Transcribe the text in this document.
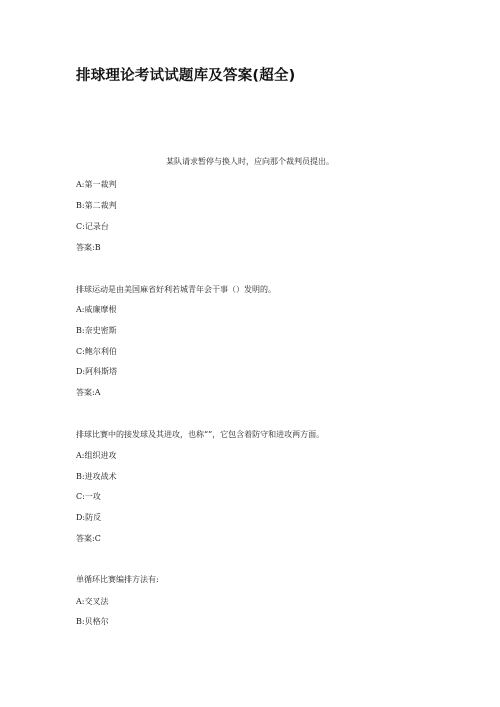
排球理论考试试题库及答案(超全)
某队请求暂停与换人时，应向那个裁判员提出。
A:第一裁判
B:第二裁判
C:记录台
答案:B
排球运动是由美国麻省好利若城青年会干事（）发明的。
A:威廉摩根
B:奈史密斯
C:鲍尔利伯
D:阿科斯塔
答案:A
排球比赛中的接发球及其进攻，也称“”，它包含着防守和进攻两方面。
A:组织进攻
B:进攻战术
C:一攻
D:防反
答案:C
单循环比赛编排方法有:
A:交叉法
B:贝格尔
